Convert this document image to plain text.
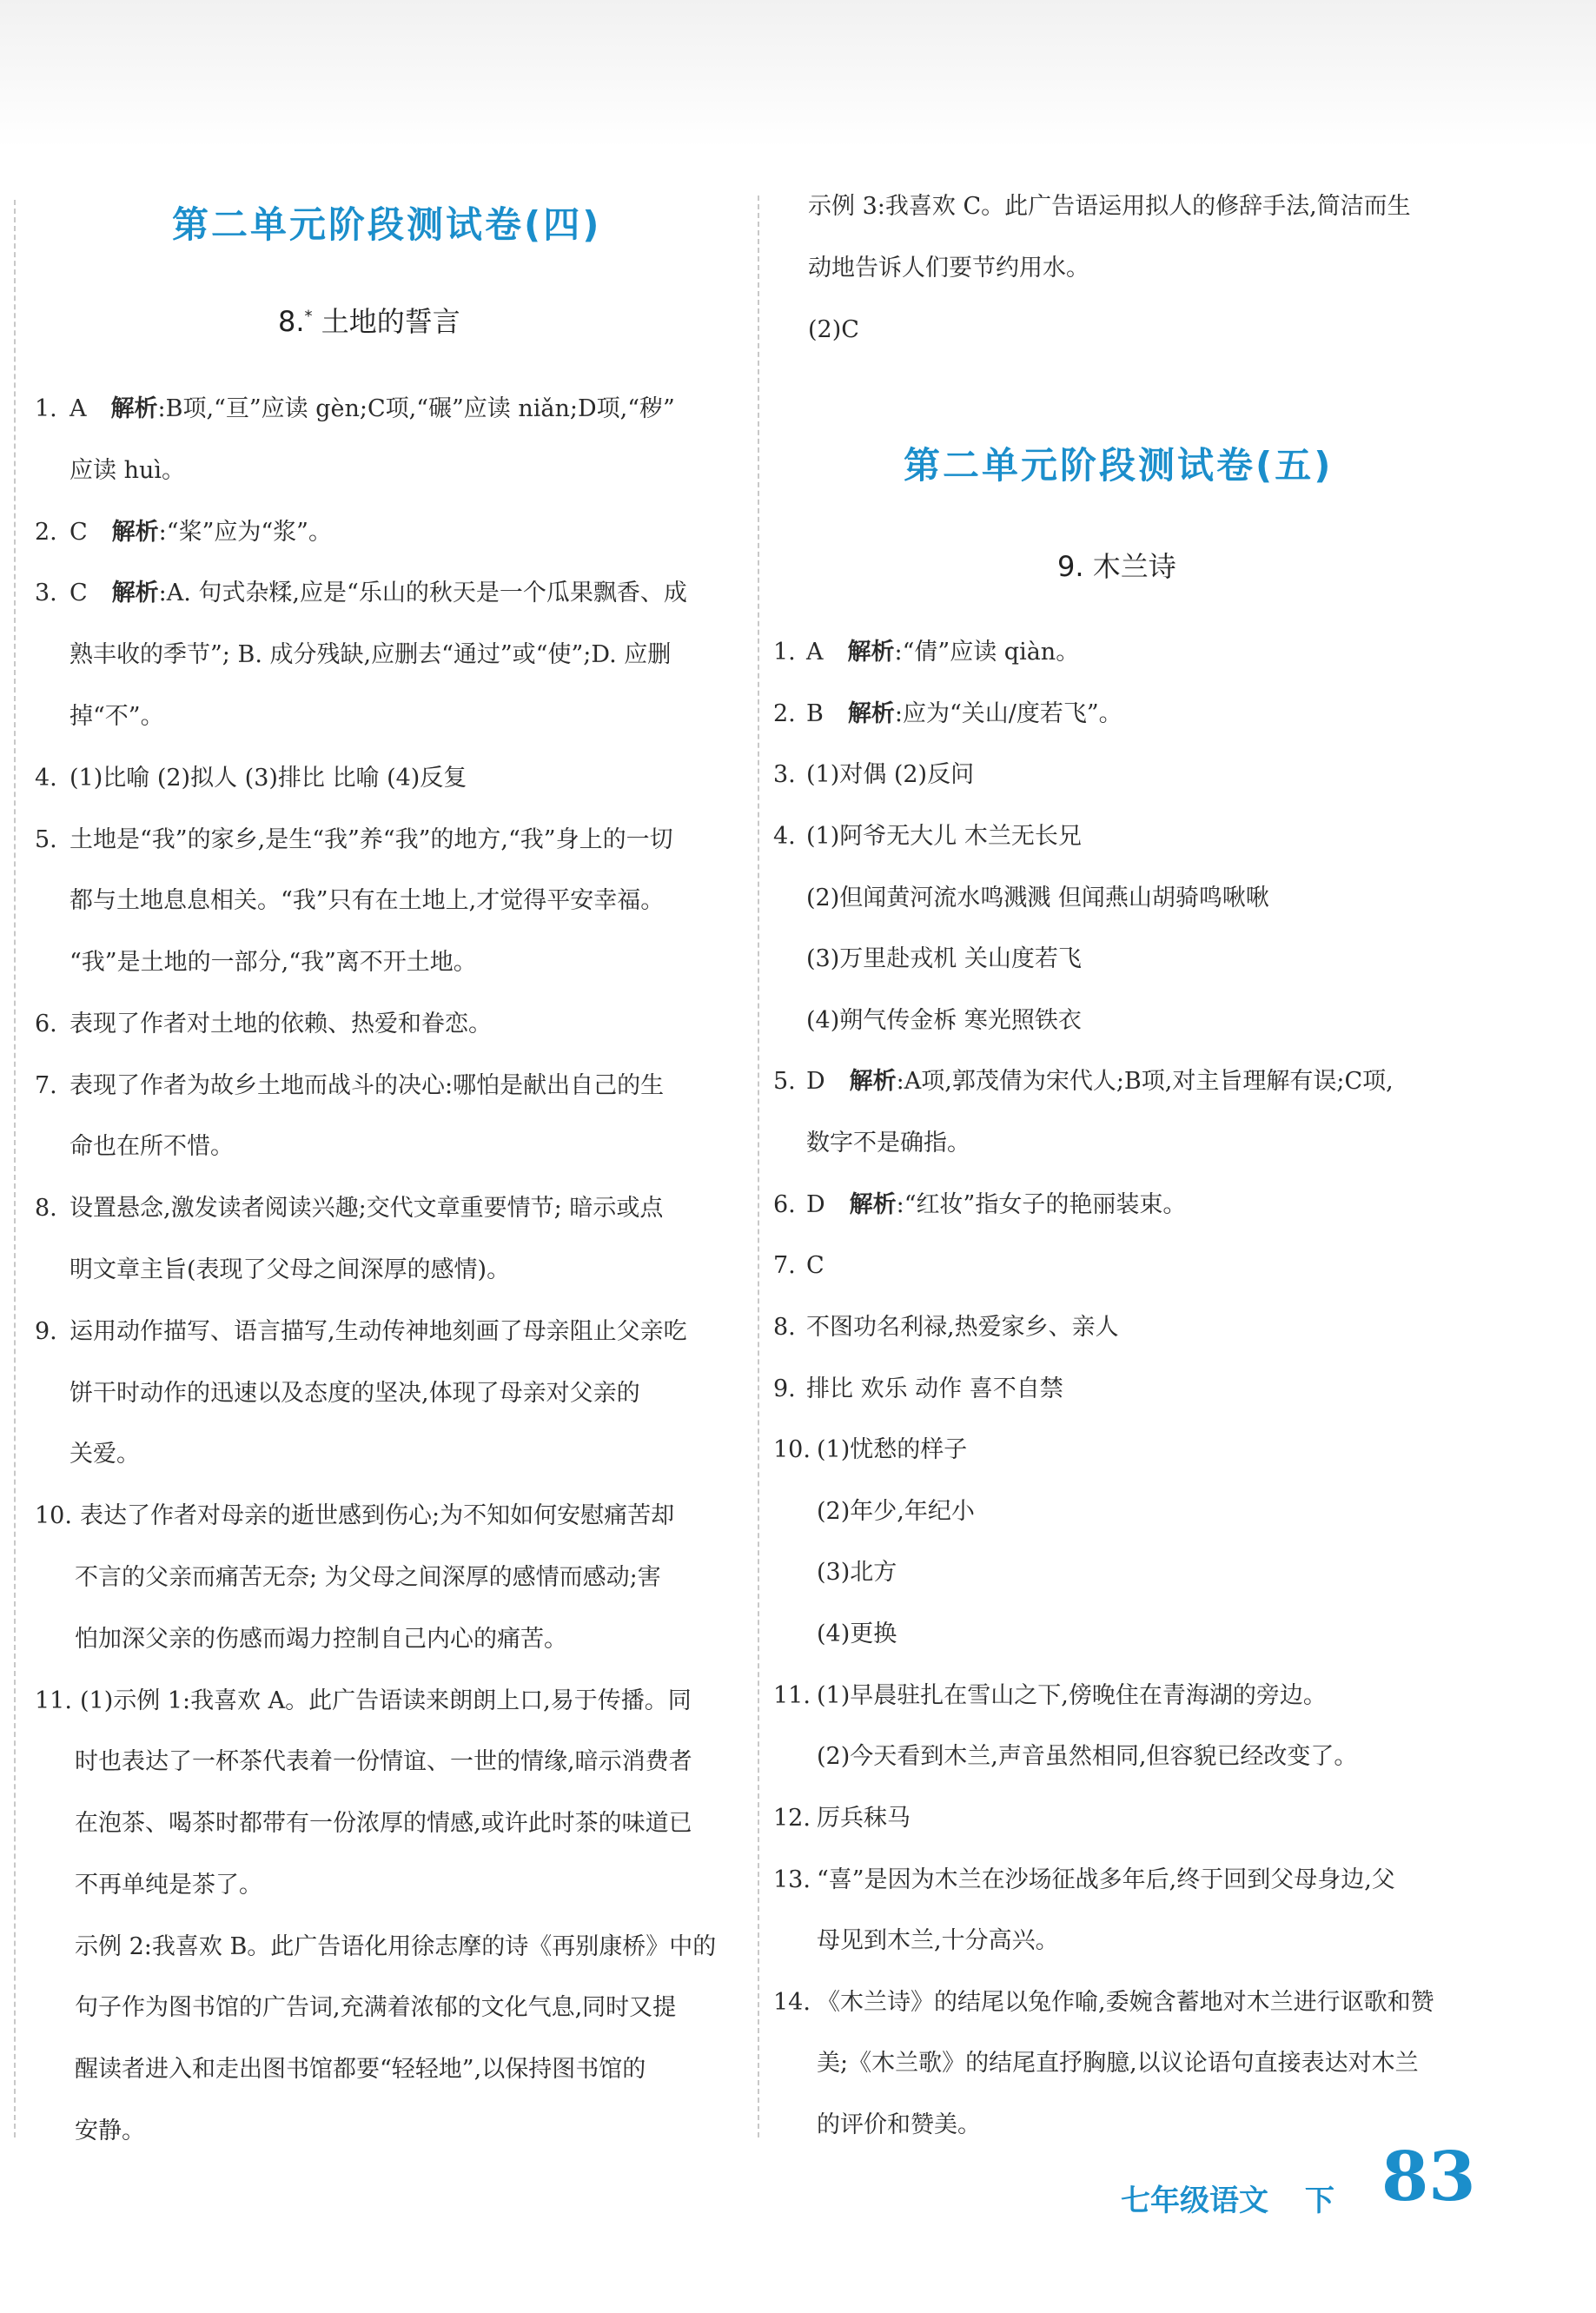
第二单元阶段测试卷(四)
8.* 土地的誓言
1. A 解析:B项,“亘”应读 gèn;C项,“碾”应读 niǎn;D项,“秽”
应读 huì。
2. C 解析:“桨”应为“浆”。
3. C 解析:A. 句式杂糅,应是“乐山的秋天是一个瓜果飘香、成
熟丰收的季节”; B. 成分残缺,应删去“通过”或“使”;D. 应删
掉“不”。
4. (1)比喻 (2)拟人 (3)排比 比喻 (4)反复
5. 土地是“我”的家乡,是生“我”养“我”的地方,“我”身上的一切
都与土地息息相关。“我”只有在土地上,才觉得平安幸福。
“我”是土地的一部分,“我”离不开土地。
6. 表现了作者对土地的依赖、热爱和眷恋。
7. 表现了作者为故乡土地而战斗的决心:哪怕是献出自己的生
命也在所不惜。
8. 设置悬念,激发读者阅读兴趣;交代文章重要情节; 暗示或点
明文章主旨(表现了父母之间深厚的感情)。
9. 运用动作描写、语言描写,生动传神地刻画了母亲阻止父亲吃
饼干时动作的迅速以及态度的坚决,体现了母亲对父亲的
关爱。
10. 表达了作者对母亲的逝世感到伤心;为不知如何安慰痛苦却
不言的父亲而痛苦无奈; 为父母之间深厚的感情而感动;害
怕加深父亲的伤感而竭力控制自己内心的痛苦。
11. (1)示例 1:我喜欢 A。此广告语读来朗朗上口,易于传播。同
时也表达了一杯茶代表着一份情谊、一世的情缘,暗示消费者
在泡茶、喝茶时都带有一份浓厚的情感,或许此时茶的味道已
不再单纯是茶了。
示例 2:我喜欢 B。此广告语化用徐志摩的诗《再别康桥》中的
句子作为图书馆的广告词,充满着浓郁的文化气息,同时又提
醒读者进入和走出图书馆都要“轻轻地”,以保持图书馆的
安静。
示例 3:我喜欢 C。此广告语运用拟人的修辞手法,简洁而生
动地告诉人们要节约用水。
(2)C
第二单元阶段测试卷(五)
9. 木兰诗
1. A 解析:“倩”应读 qiàn。
2. B 解析:应为“关山/度若飞”。
3. (1)对偶 (2)反问
4. (1)阿爷无大儿 木兰无长兄
(2)但闻黄河流水鸣溅溅 但闻燕山胡骑鸣啾啾
(3)万里赴戎机 关山度若飞
(4)朔气传金柝 寒光照铁衣
5. D 解析:A项,郭茂倩为宋代人;B项,对主旨理解有误;C项,
数字不是确指。
6. D 解析:“红妆”指女子的艳丽装束。
7. C
8. 不图功名利禄,热爱家乡、亲人
9. 排比 欢乐 动作 喜不自禁
10. (1)忧愁的样子
(2)年少,年纪小
(3)北方
(4)更换
11. (1)早晨驻扎在雪山之下,傍晚住在青海湖的旁边。
(2)今天看到木兰,声音虽然相同,但容貌已经改变了。
12. 厉兵秣马
13. “喜”是因为木兰在沙场征战多年后,终于回到父母身边,父
母见到木兰,十分高兴。
14. 《木兰诗》的结尾以兔作喻,委婉含蓄地对木兰进行讴歌和赞
美;《木兰歌》的结尾直抒胸臆,以议论语句直接表达对木兰
的评价和赞美。
七年级语文 下 83
